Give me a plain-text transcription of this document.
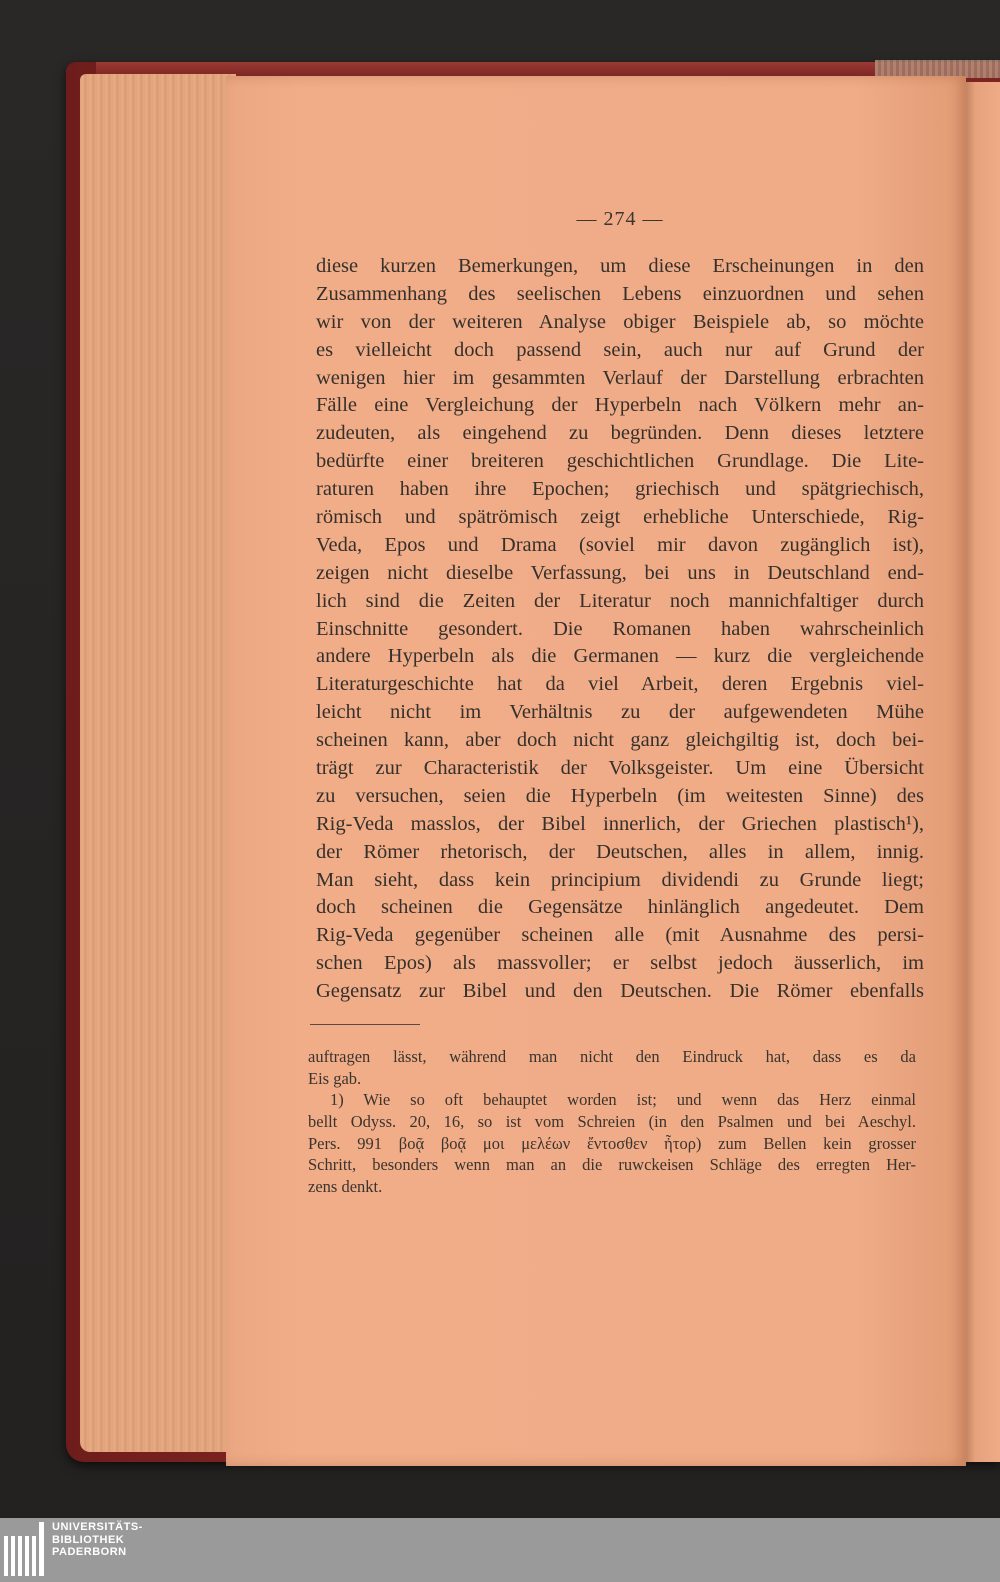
— 274 —
diese kurzen Bemerkungen, um diese Erscheinungen in den
Zusammenhang des seelischen Lebens einzuordnen und sehen
wir von der weiteren Analyse obiger Beispiele ab, so möchte
es vielleicht doch passend sein, auch nur auf Grund der
wenigen hier im gesammten Verlauf der Darstellung erbrachten
Fälle eine Vergleichung der Hyperbeln nach Völkern mehr an-
zudeuten, als eingehend zu begründen. Denn dieses letztere
bedürfte einer breiteren geschichtlichen Grundlage. Die Lite-
raturen haben ihre Epochen; griechisch und spätgriechisch,
römisch und spätrömisch zeigt erhebliche Unterschiede, Rig-
Veda, Epos und Drama (soviel mir davon zugänglich ist),
zeigen nicht dieselbe Verfassung, bei uns in Deutschland end-
lich sind die Zeiten der Literatur noch mannichfaltiger durch
Einschnitte gesondert. Die Romanen haben wahrscheinlich
andere Hyperbeln als die Germanen — kurz die vergleichende
Literaturgeschichte hat da viel Arbeit, deren Ergebnis viel-
leicht nicht im Verhältnis zu der aufgewendeten Mühe
scheinen kann, aber doch nicht ganz gleichgiltig ist, doch bei-
trägt zur Characteristik der Volksgeister. Um eine Übersicht
zu versuchen, seien die Hyperbeln (im weitesten Sinne) des
Rig-Veda masslos, der Bibel innerlich, der Griechen plastisch¹),
der Römer rhetorisch, der Deutschen, alles in allem, innig.
Man sieht, dass kein principium dividendi zu Grunde liegt;
doch scheinen die Gegensätze hinlänglich angedeutet. Dem
Rig-Veda gegenüber scheinen alle (mit Ausnahme des persi-
schen Epos) als massvoller; er selbst jedoch äusserlich, im
Gegensatz zur Bibel und den Deutschen. Die Römer ebenfalls
auftragen lässt, während man nicht den Eindruck hat, dass es da
Eis gab.
1) Wie so oft behauptet worden ist; und wenn das Herz einmal
bellt Odyss. 20, 16, so ist vom Schreien (in den Psalmen und bei Aeschyl.
Pers. 991 βοᾷ βοᾷ μοι μελέων ἔντοσθεν ἦτορ) zum Bellen kein grosser
Schritt, besonders wenn man an die ruwckeisen Schläge des erregten Her-
zens denkt.
UNIVERSITÄTS-
BIBLIOTHEK
PADERBORN
